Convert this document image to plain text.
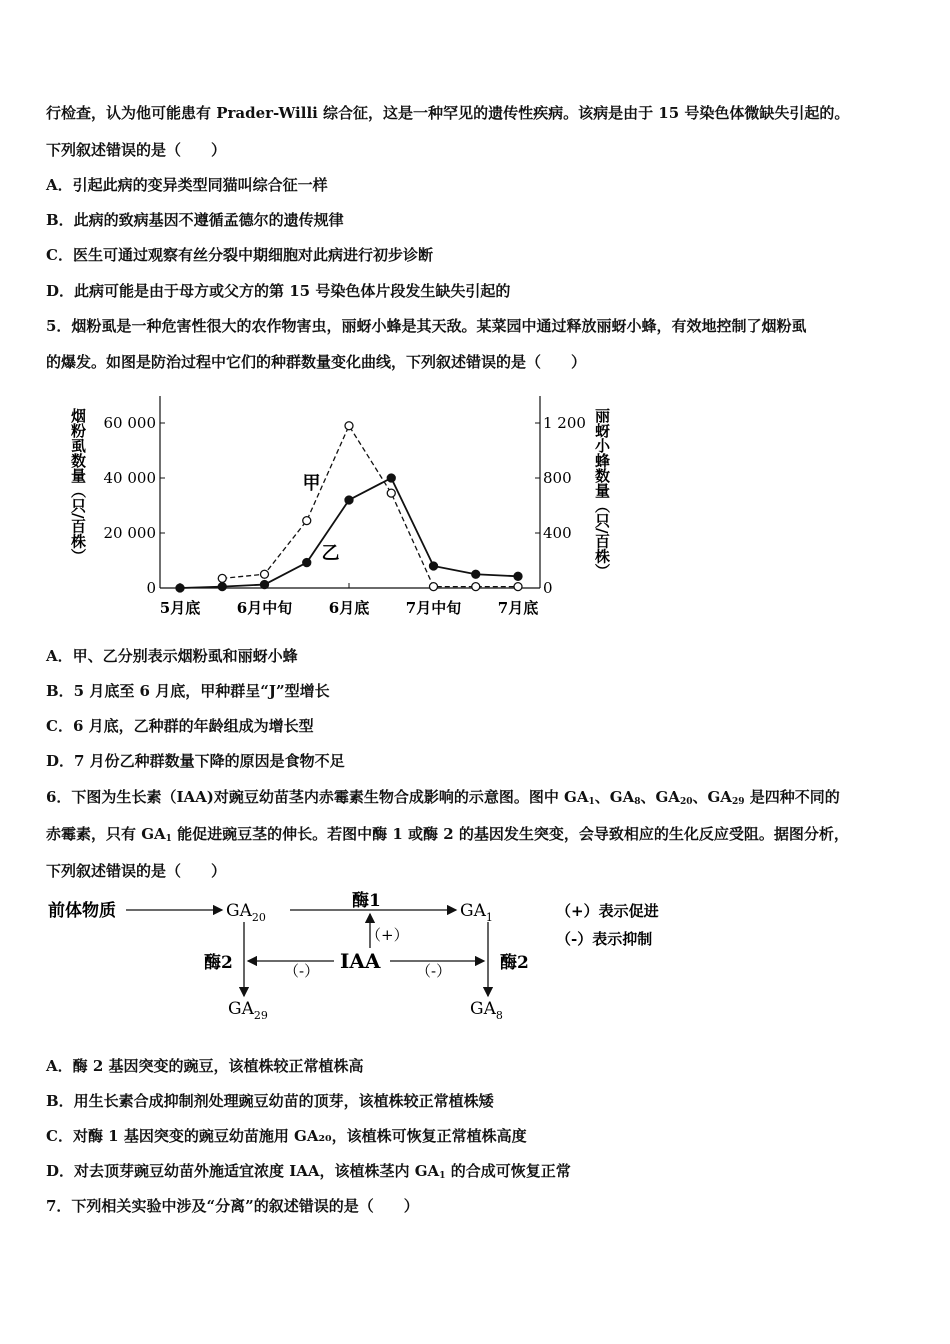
行检查，认为他可能患有 Prader-Willi 综合征，这是一种罕见的遗传性疾病。该病是由于 15 号染色体微缺失引起的。
下列叙述错误的是（　　）
A．引起此病的变异类型同猫叫综合征一样
B．此病的致病基因不遵循孟德尔的遗传规律
C．医生可通过观察有丝分裂中期细胞对此病进行初步诊断
D．此病可能是由于母方或父方的第 15 号染色体片段发生缺失引起的
5．烟粉虱是一种危害性很大的农作物害虫，丽蚜小蜂是其天敌。某菜园中通过释放丽蚜小蜂，有效地控制了烟粉虱
的爆发。如图是防治过程中它们的种群数量变化曲线，下列叙述错误的是（　　）
0
20 000
40 000
60 000
0
400
800
1 200
5月底 6月中旬 6月底 7月中旬 7月底
烟粉虱数量（只/百株）	丽蚜小蜂数量（只/百株）
甲
乙
A．甲、乙分别表示烟粉虱和丽蚜小蜂
B．5 月底至 6 月底，甲种群呈“J”型增长
C．6 月底，乙种群的年龄组成为增长型
D．7 月份乙种群数量下降的原因是食物不足
6．下图为生长素（IAA)对豌豆幼苗茎内赤霉素生物合成影响的示意图。图中 $GA_1$、$GA_8$、$GA_{20}$、$GA_{29}$ 是四种不同的
赤霉素，只有 $GA_1$ 能促进豌豆茎的伸长。若图中酶 1 或酶 2 的基因发生突变，会导致相应的生化反应受阻。据图分析，
下列叙述错误的是（　　）
前体物质	$GA_{20}$	$GA_1$
酶1
（+）
IAA
（-）	（-）
酶2
$GA_{29}$
酶2
$GA_8$
（+）表示促进
（-）表示抑制
A．酶 2 基因突变的豌豆，该植株较正常植株高
B．用生长素合成抑制剂处理豌豆幼苗的顶芽，该植株较正常植株矮
C．对酶 1 基因突变的豌豆幼苗施用 GA₂₀，该植株可恢复正常植株高度
D．对去顶芽豌豆幼苗外施适宜浓度 IAA，该植株茎内 $GA_1$ 的合成可恢复正常
7．下列相关实验中涉及“分离”的叙述错误的是（　　）
